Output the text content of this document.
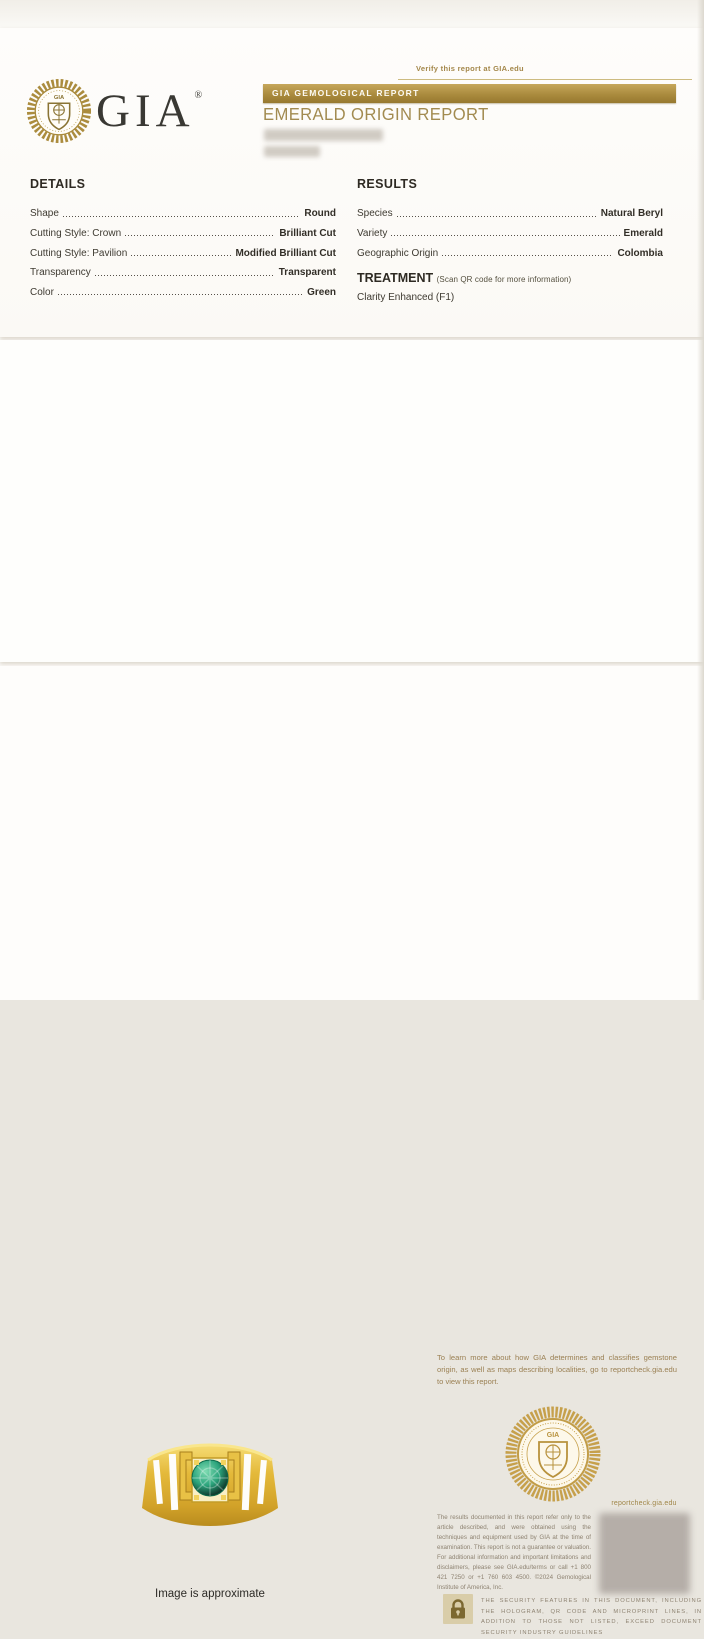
Verify this report at GIA.edu
GIA GIA®	GIA GEMOLOGICAL REPORT
EMERALD ORIGIN REPORT
DETAILS
Shape	Round
Cutting Style: Crown	Brilliant Cut
Cutting Style: Pavilion	Modified Brilliant Cut
Transparency	Transparent
Color	Green
RESULTS
Species	Natural Beryl
Variety	Emerald
Geographic Origin	Colombia
TREATMENT (Scan QR code for more information)
Clarity Enhanced (F1)
To learn more about how GIA determines and classifies gemstone origin, as well as maps describing localities, go to reportcheck.gia.edu to view this report.
Image is approximate
GIA
reportcheck.gia.edu
The results documented in this report refer only to the article described, and were obtained using the techniques and equipment used by GIA at the time of examination. This report is not a guarantee or valuation. For additional information and important limitations and disclaimers, please see GIA.edu/terms or call +1 800 421 7250 or +1 760 603 4500. ©2024 Gemological Institute of America, Inc.
THE SECURITY FEATURES IN THIS DOCUMENT, INCLUDING THE HOLOGRAM, QR CODE AND MICROPRINT LINES, IN ADDITION TO THOSE NOT LISTED, EXCEED DOCUMENT SECURITY INDUSTRY GUIDELINES
